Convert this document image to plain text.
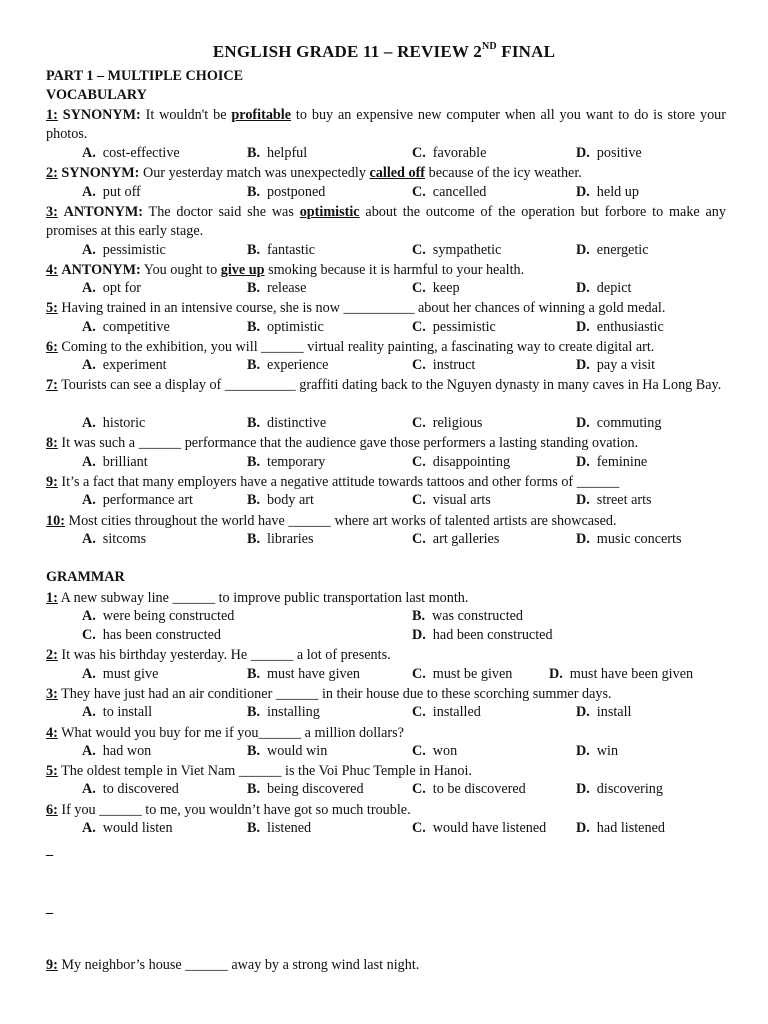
ENGLISH GRADE 11 – REVIEW 2ND FINAL
PART 1 – MULTIPLE CHOICE
VOCABULARY
1: SYNONYM: It wouldn't be profitable to buy an expensive new computer when all you want to do is store your photos.
A. cost-effective	B. helpful	C. favorable	D. positive
2: SYNONYM: Our yesterday match was unexpectedly called off because of the icy weather.
A. put off	B. postponed	C. cancelled	D. held up
3: ANTONYM: The doctor said she was optimistic about the outcome of the operation but forbore to make any promises at this early stage.
A. pessimistic	B. fantastic	C. sympathetic	D. energetic
4: ANTONYM: You ought to give up smoking because it is harmful to your health.
A. opt for	B. release	C. keep	D. depict
5: Having trained in an intensive course, she is now __________ about her chances of winning a gold medal.
A. competitive	B. optimistic	C. pessimistic	D. enthusiastic
6: Coming to the exhibition, you will ______ virtual reality painting, a fascinating way to create digital art.
A. experiment	B. experience	C. instruct	D. pay a visit
7: Tourists can see a display of __________ graffiti dating back to the Nguyen dynasty in many caves in Ha Long Bay.
A. historic	B. distinctive	C. religious	D. commuting
8: It was such a ______ performance that the audience gave those performers a lasting standing ovation.
A. brilliant	B. temporary	C. disappointing	D. feminine
9: It’s a fact that many employers have a negative attitude towards tattoos and other forms of ______
A. performance art	B. body art	C. visual arts	D. street arts
10: Most cities throughout the world have ______ where art works of talented artists are showcased.
A. sitcoms	B. libraries	C. art galleries	D. music concerts
GRAMMAR
1: A new subway line ______ to improve public transportation last month.
A. were being constructed	B. was constructed
C. has been constructed	D. had been constructed
2: It was his birthday yesterday. He ______ a lot of presents.
A. must give	B. must have given	C. must be given	D. must have been given
3: They have just had an air conditioner ______ in their house due to these scorching summer days.
A. to install	B. installing	C. installed	D. install
4: What would you buy for me if you______ a million dollars?
A. had won	B. would win	C. won	D. win
5: The oldest temple in Viet Nam ______ is the Voi Phuc Temple in Hanoi.
A. to discovered	B. being discovered	C. to be discovered	D. discovering
6: If you ______ to me, you wouldn’t have got so much trouble.
A. would listen	B. listened	C. would have listened D. had listened
_
_
9: My neighbor’s house ______ away by a strong wind last night.
